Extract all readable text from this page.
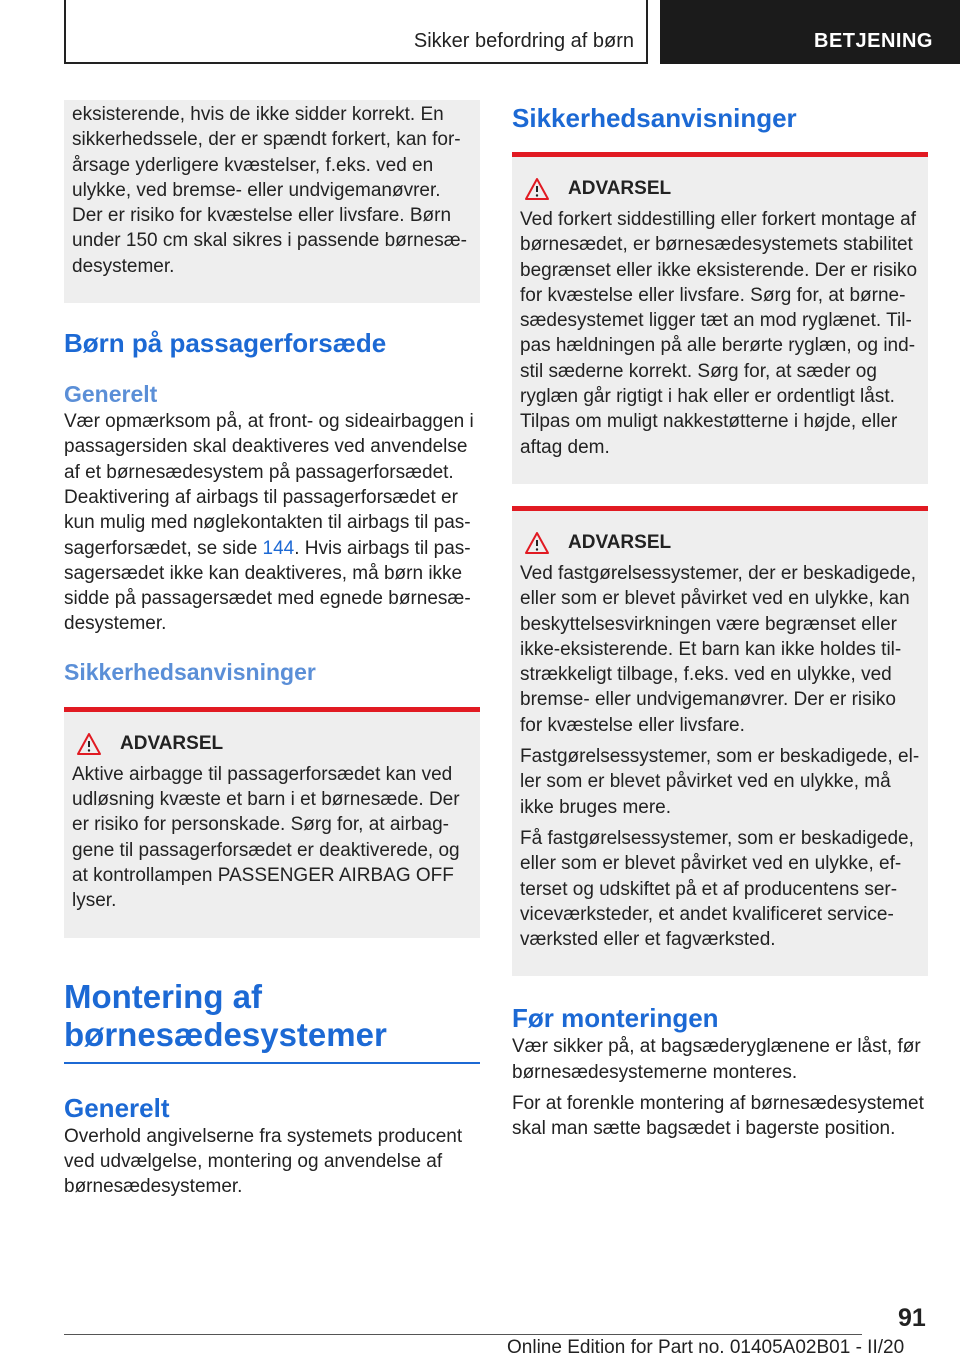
Sikker befordring af børn	BETJENING

eksisterende, hvis de ikke sidder korrekt. En sikkerhedssele, der er spændt forkert, kan forårsage yderligere kvæstelser, f.eks. ved en ulykke, ved bremse- eller undvigemanøvrer. Der er risiko for kvæstelse eller livsfare. Børn under 150 cm skal sikres i passende børnesædesystemer.

Børn på passagerforsæde
Generelt

Vær opmærksom på, at front- og sideairbaggen i passagersiden skal deaktiveres ved anvendelse af et børnesædesystem på passagerforsædet. Deaktivering af airbags til passagerforsædet er kun mulig med nøglekontakten til airbags til passagerforsædet, se side 144. Hvis airbags til passagersædet ikke kan deaktiveres, må børn ikke sidde på passagersædet med egnede børnesædesystemer.

Sikkerhedsanvisninger
ADVARSEL

Aktive airbagge til passagerforsædet kan ved udløsning kvæste et barn i et børnesæde. Der er risiko for personskade. Sørg for, at airbaggene til passagerforsædet er deaktiverede, og at kontrollampen PASSENGER AIRBAG OFF lyser.

Montering af børnesædesystemer
Generelt

Overhold angivelserne fra systemets producent ved udvælgelse, montering og anvendelse af børnesædesystemer.

Sikkerhedsanvisninger
ADVARSEL

Ved forkert siddestilling eller forkert montage af børnesædet, er børnesædesystemets stabilitet begrænset eller ikke eksisterende. Der er risiko for kvæstelse eller livsfare. Sørg for, at børnesædesystemet ligger tæt an mod ryglænet. Tilpas hældningen på alle berørte ryglæn, og indstil sæderne korrekt. Sørg for, at sæder og ryglæn går rigtigt i hak eller er ordentligt låst. Tilpas om muligt nakkestøtterne i højde, eller aftag dem.

ADVARSEL

Ved fastgørelsessystemer, der er beskadigede, eller som er blevet påvirket ved en ulykke, kan beskyttelsesvirkningen være begrænset eller ikke-eksisterende. Et barn kan ikke holdes tilstrækkeligt tilbage, f.eks. ved en ulykke, ved bremse- eller undvigemanøvrer. Der er risiko for kvæstelse eller livsfare.

Fastgørelsessystemer, som er beskadigede, eller som er blevet påvirket ved en ulykke, må ikke bruges mere.

Få fastgørelsessystemer, som er beskadigede, eller som er blevet påvirket ved en ulykke, efterset og udskiftet på et af producentens serviceværksteder, et andet kvalificeret serviceværksted eller et fagværksted.

Før monteringen

Vær sikker på, at bagsæderyglænene er låst, før børnesædesystemerne monteres.

For at forenkle montering af børnesædesystemet skal man sætte bagsædet i bagerste position.

91
Online Edition for Part no. 01405A02B01 - II/20
